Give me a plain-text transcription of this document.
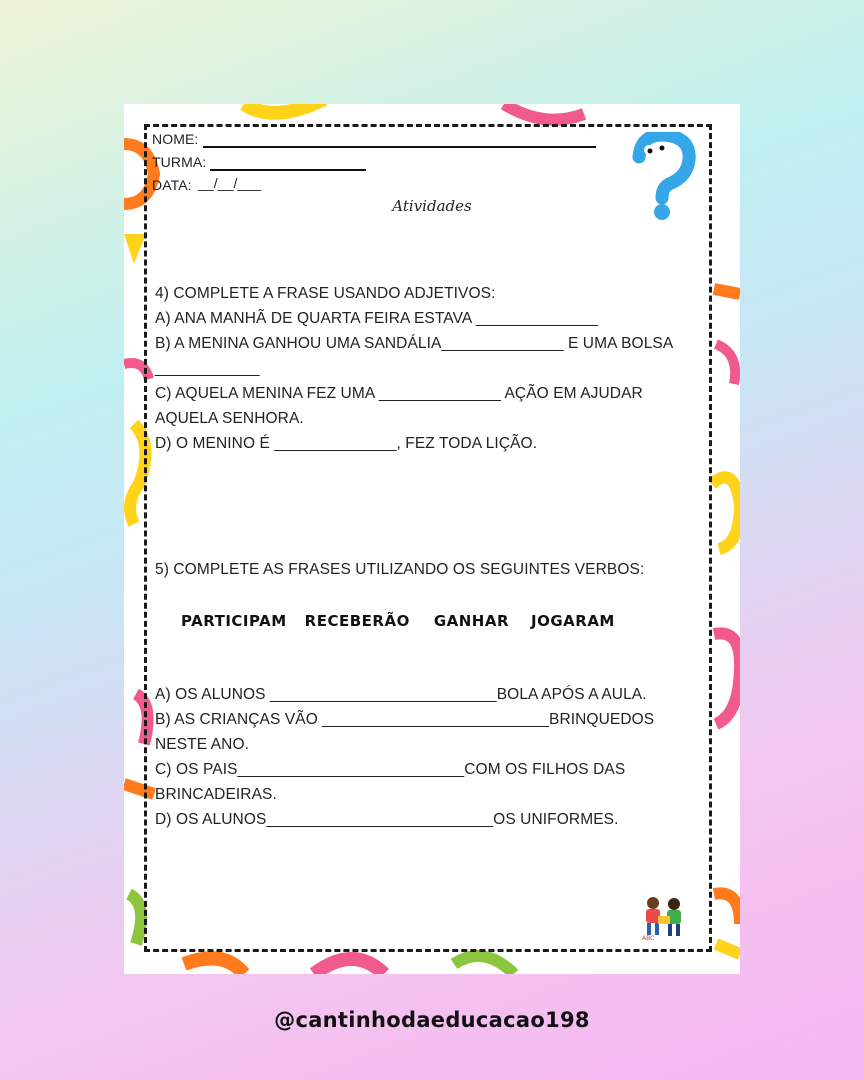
NOME:
TURMA:
DATA: __/__/___
Atividades
4) COMPLETE A FRASE USANDO ADJETIVOS:
A) ANA MANHÃ DE QUARTA FEIRA ESTAVA ______________
B) A MENINA GANHOU UMA SANDÁLIA______________ E UMA BOLSA
____________
C) AQUELA MENINA FEZ UMA ______________ AÇÃO EM AJUDAR
AQUELA SENHORA.
D) O MENINO É ______________, FEZ TODA LIÇÃO.
5) COMPLETE AS FRASES UTILIZANDO OS SEGUINTES VERBOS:
PARTICIPAM RECEBERÃO GANHAR JOGARAM
A) OS ALUNOS __________________________BOLA APÓS A AULA.
B) AS CRIANÇAS VÃO __________________________BRINQUEDOS
NESTE ANO.
C) OS PAIS__________________________COM OS FILHOS DAS
BRINCADEIRAS.
D) OS ALUNOS__________________________OS UNIFORMES.
ABC
@cantinhodaeducacao198
